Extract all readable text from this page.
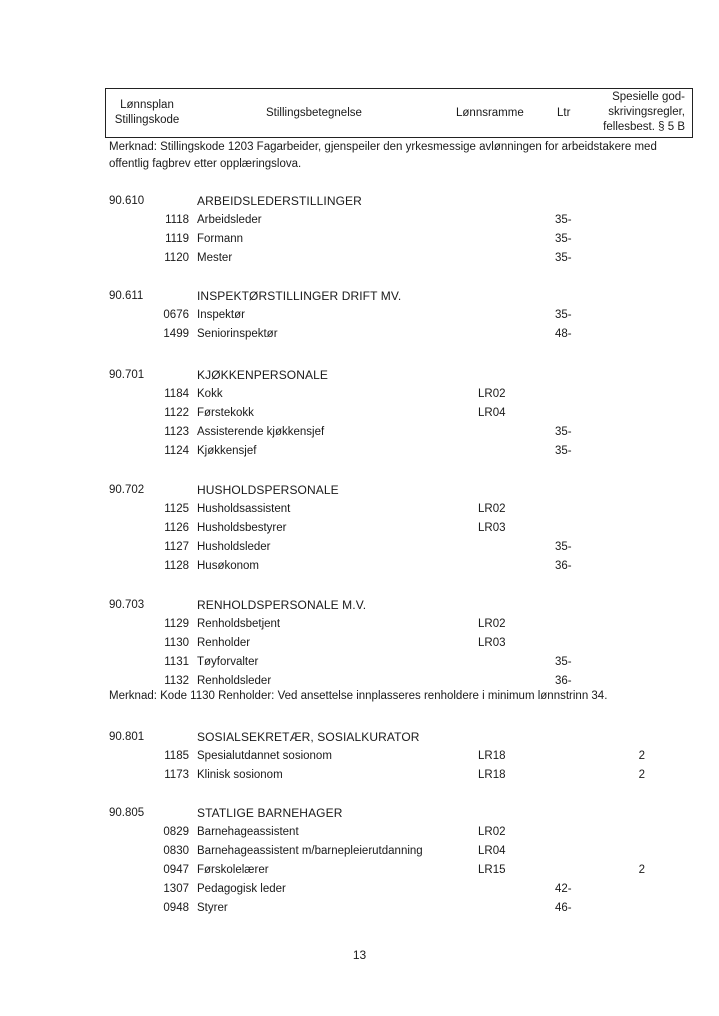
Lønnsplan
Stillingskode
Stillingsbetegnelse	Lønnsramme	Ltr
Spesielle god-
skrivingsregler,
fellesbest. § 5 B
Merknad: Stillingskode 1203 Fagarbeider, gjenspeiler den yrkesmessige avlønningen for arbeidstakere med offentlig fagbrev etter opplæringslova.
90.610	ARBEIDSLEDERSTILLINGER
1118 Arbeidsleder	35-
1119 Formann	35-
1120 Mester	35-
90.611	INSPEKTØRSTILLINGER DRIFT MV.
0676 Inspektør	35-
1499 Seniorinspektør	48-
90.701	KJØKKENPERSONALE
1184 Kokk	LR02
1122 Førstekokk	LR04
1123 Assisterende kjøkkensjef	35-
1124 Kjøkkensjef	35-
90.702	HUSHOLDSPERSONALE
1125 Husholdsassistent	LR02
1126 Husholdsbestyrer	LR03
1127 Husholdsleder	35-
1128 Husøkonom	36-
90.703	RENHOLDSPERSONALE M.V.
1129 Renholdsbetjent	LR02
1130 Renholder	LR03
1131 Tøyforvalter	35-
1132 Renholdsleder	36-
90.801	SOSIALSEKRETÆR, SOSIALKURATOR
1185 Spesialutdannet sosionom	LR18	2
1173 Klinisk sosionom	LR18	2
90.805	STATLIGE BARNEHAGER
0829 Barnehageassistent	LR02
0830 Barnehageassistent m/barnepleierutdanning	LR04
0947 Førskolelærer	LR15	2
1307 Pedagogisk leder	42-
0948 Styrer	46-
Merknad: Kode 1130 Renholder: Ved ansettelse innplasseres renholdere i minimum lønnstrinn 34.
13
